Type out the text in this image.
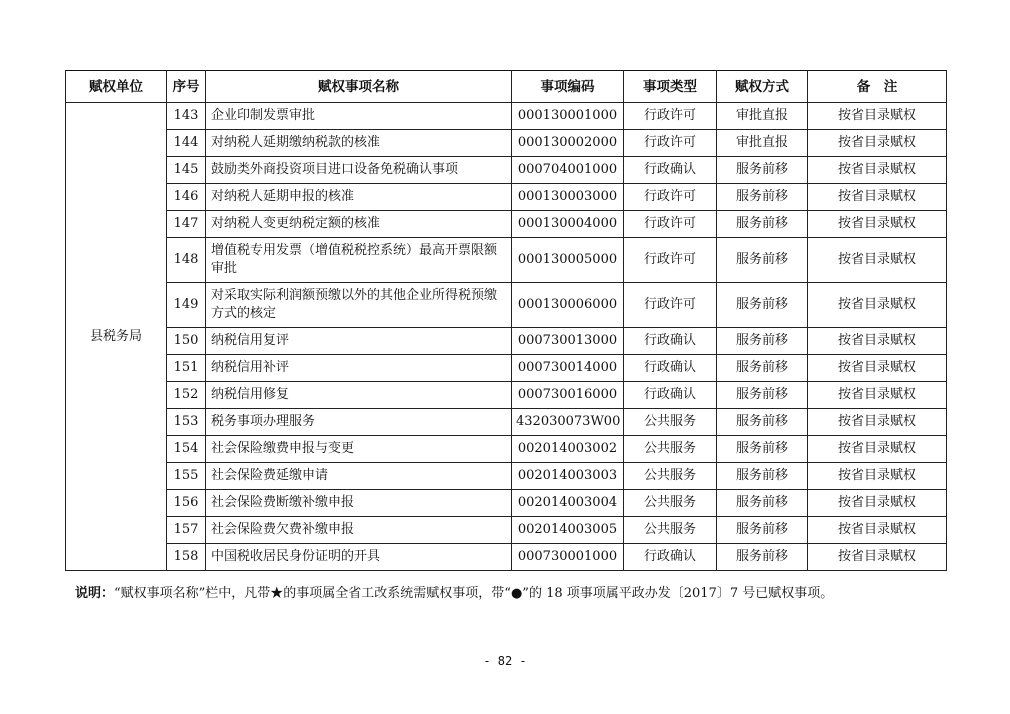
赋权单位	序号	赋权事项名称	事项编码	事项类型	赋权方式	备　注
县税务局	143	企业印制发票审批	000130001000	行政许可	审批直报	按省目录赋权
	144	对纳税人延期缴纳税款的核准	000130002000	行政许可	审批直报	按省目录赋权
	145	鼓励类外商投资项目进口设备免税确认事项	000704001000	行政确认	服务前移	按省目录赋权
	146	对纳税人延期申报的核准	000130003000	行政许可	服务前移	按省目录赋权
	147	对纳税人变更纳税定额的核准	000130004000	行政许可	服务前移	按省目录赋权
	148	增值税专用发票（增值税税控系统）最高开票限额审批	000130005000	行政许可	服务前移	按省目录赋权
	149	对采取实际利润额预缴以外的其他企业所得税预缴方式的核定	000130006000	行政许可	服务前移	按省目录赋权
	150	纳税信用复评	000730013000	行政确认	服务前移	按省目录赋权
	151	纳税信用补评	000730014000	行政确认	服务前移	按省目录赋权
	152	纳税信用修复	000730016000	行政确认	服务前移	按省目录赋权
	153	税务事项办理服务	432030073W00	公共服务	服务前移	按省目录赋权
	154	社会保险缴费申报与变更	002014003002	公共服务	服务前移	按省目录赋权
	155	社会保险费延缴申请	002014003003	公共服务	服务前移	按省目录赋权
	156	社会保险费断缴补缴申报	002014003004	公共服务	服务前移	按省目录赋权
	157	社会保险费欠费补缴申报	002014003005	公共服务	服务前移	按省目录赋权
	158	中国税收居民身份证明的开具	000730001000	行政确认	服务前移	按省目录赋权
说明：“赋权事项名称”栏中，凡带★的事项属全省工改系统需赋权事项，带“●”的 18 项事项属平政办发〔2017〕7 号已赋权事项。
- 82 -
